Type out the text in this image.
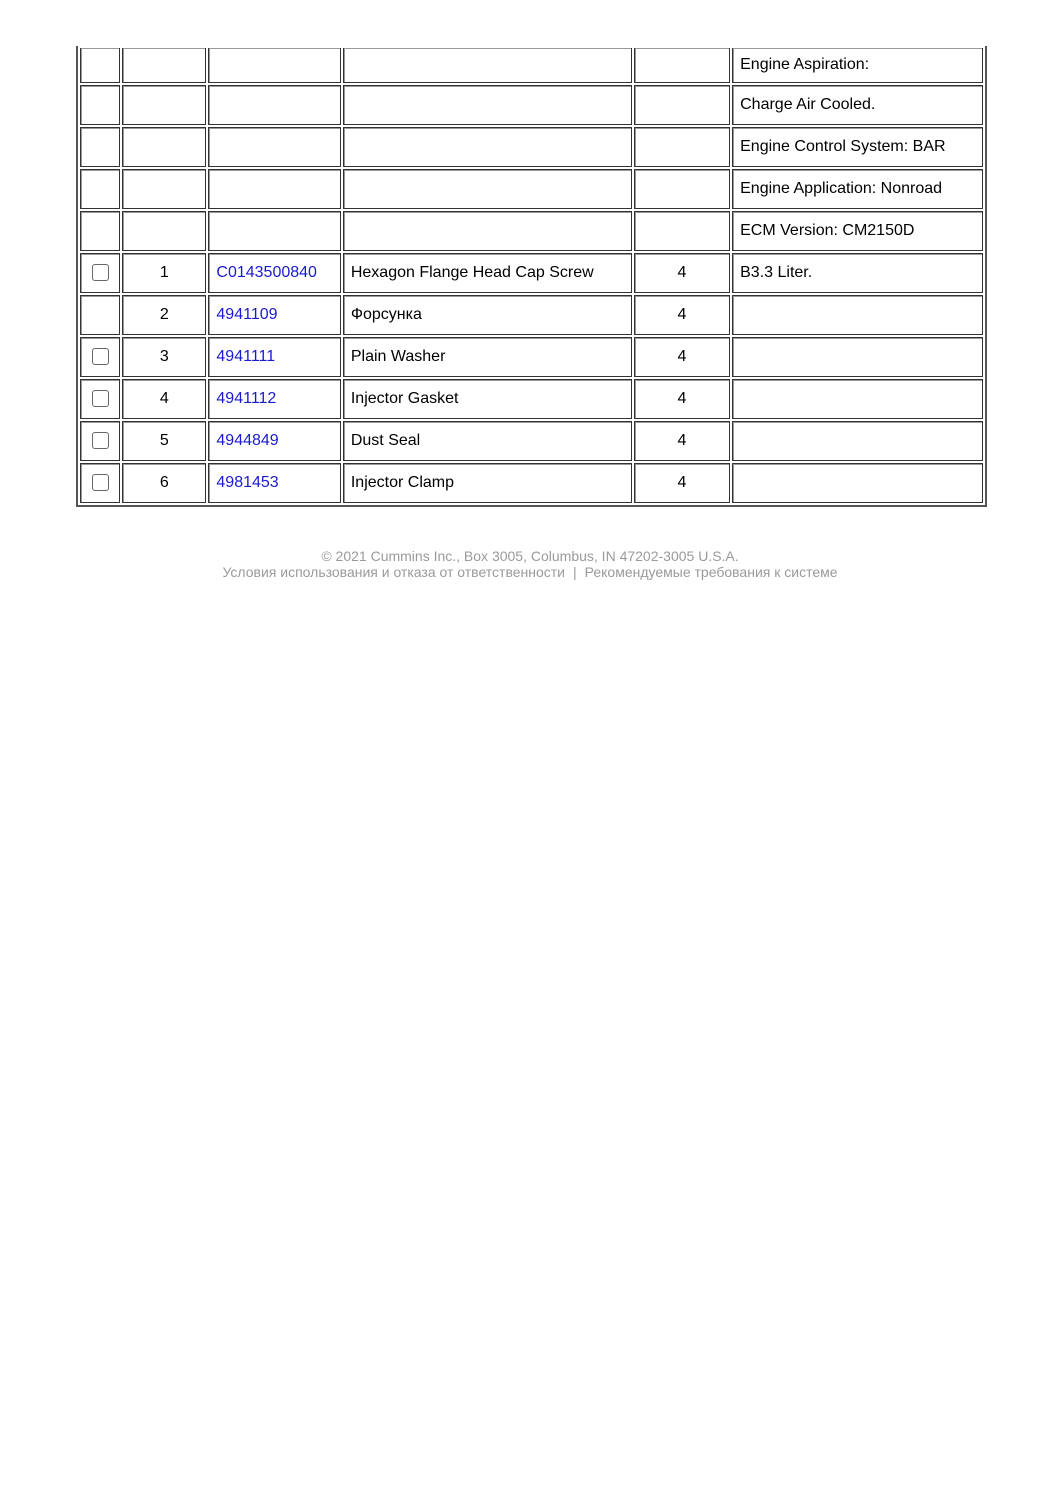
					Engine Aspiration:
					Charge Air Cooled.
					Engine Control System: BAR
					Engine Application: Nonroad
					ECM Version: CM2150D
	1	C0143500840	Hexagon Flange Head Cap Screw	4	B3.3 Liter.
	2	4941109	Форсунка	4	
	3	4941111	Plain Washer	4	
	4	4941112	Injector Gasket	4	
	5	4944849	Dust Seal	4	
	6	4981453	Injector Clamp	4	
© 2021 Cummins Inc., Box 3005, Columbus, IN 47202-3005 U.S.A.
Условия использования и отказа от ответственности | Рекомендуемые требования к системе
